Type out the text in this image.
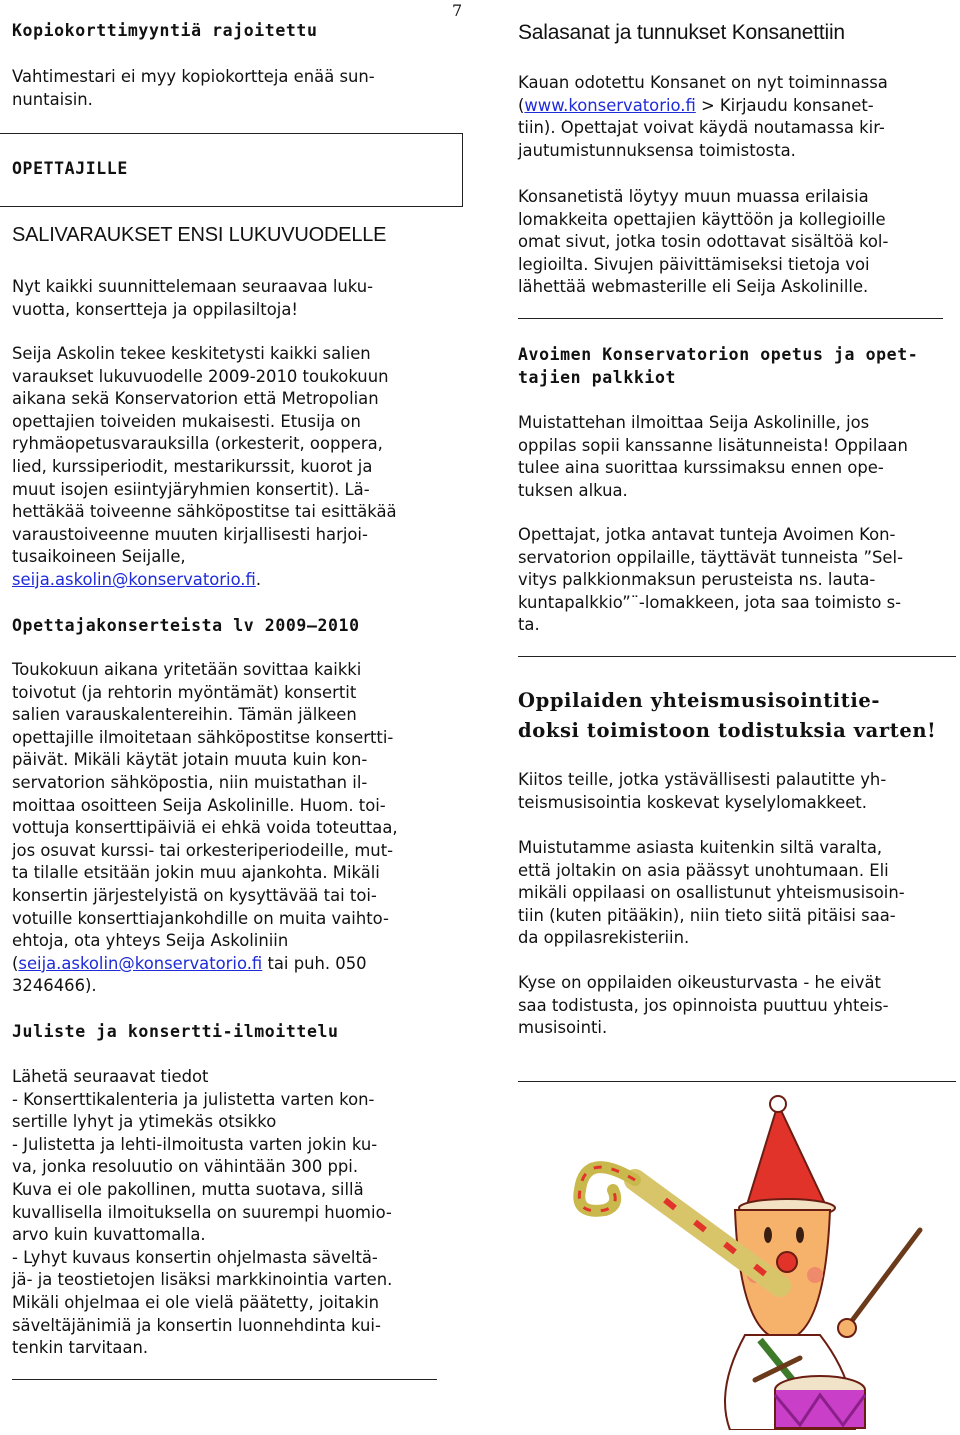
7
Kopiokorttimyyntiä rajoitettu

Vahtimestari ei myy kopiokortteja enää sun-

nuntaisin.

OPETTAJILLE
SALIVARAUKSET ENSI LUKUVUODELLE

Nyt kaikki suunnittelemaan seuraavaa luku-

vuotta, konsertteja ja oppilasiltoja!

Seija Askolin tekee keskitetysti kaikki salien

varaukset lukuvuodelle 2009-2010 toukokuun

aikana sekä Konservatorion että Metropolian

opettajien toiveiden mukaisesti. Etusija on

ryhmäopetusvarauksilla (orkesterit, ooppera,

lied, kurssiperiodit, mestarikurssit, kuorot ja

muut isojen esiintyjäryhmien konsertit). Lä-

hettäkää toiveenne sähköpostitse tai esittäkää

varaustoiveenne muuten kirjallisesti harjoi-

tusaikoineen Seijalle,

seija.askolin@konservatorio.fi.

Opettajakonserteista lv 2009—2010

Toukokuun aikana yritetään sovittaa kaikki

toivotut (ja rehtorin myöntämät) konsertit

salien varauskalentereihin. Tämän jälkeen

opettajille ilmoitetaan sähköpostitse konsertti-

päivät. Mikäli käytät jotain muuta kuin kon-

servatorion sähköpostia, niin muistathan il-

moittaa osoitteen Seija Askolinille. Huom. toi-

vottuja konserttipäiviä ei ehkä voida toteuttaa,

jos osuvat kurssi- tai orkesteriperiodeille, mut-

ta tilalle etsitään jokin muu ajankohta. Mikäli

konsertin järjestelyistä on kysyttävää tai toi-

votuille konserttiajankohdille on muita vaihto-

ehtoja, ota yhteys Seija Askoliniin

(seija.askolin@konservatorio.fi tai puh. 050

3246466).

Juliste ja konsertti-ilmoittelu

Lähetä seuraavat tiedot

- Konserttikalenteria ja julistetta varten kon-

sertille lyhyt ja ytimekäs otsikko

- Julistetta ja lehti-ilmoitusta varten jokin ku-

va, jonka resoluutio on vähintään 300 ppi.

Kuva ei ole pakollinen, mutta suotava, sillä

kuvallisella ilmoituksella on suurempi huomio-

arvo kuin kuvattomalla.

- Lyhyt kuvaus konsertin ohjelmasta säveltä-

jä- ja teostietojen lisäksi markkinointia varten.

Mikäli ohjelmaa ei ole vielä päätetty, joitakin

säveltäjänimiä ja konsertin luonnehdinta kui-

tenkin tarvitaan.

Salasanat ja tunnukset Konsanettiin

Kauan odotettu Konsanet on nyt toiminnassa

(www.konservatorio.fi > Kirjaudu konsanet-

tiin). Opettajat voivat käydä noutamassa kir-

jautumistunnuksensa toimistosta.

Konsanetistä löytyy muun muassa erilaisia

lomakkeita opettajien käyttöön ja kollegioille

omat sivut, jotka tosin odottavat sisältöä kol-

legioilta. Sivujen päivittämiseksi tietoja voi

lähettää webmasterille eli Seija Askolinille.

Avoimen Konservatorion opetus ja opet-

tajien palkkiot

Muistattehan ilmoittaa Seija Askolinille, jos

oppilas sopii kanssanne lisätunneista! Oppilaan

tulee aina suorittaa kurssimaksu ennen ope-

tuksen alkua.

Opettajat, jotka antavat tunteja Avoimen Kon-

servatorion oppilaille, täyttävät tunneista ”Sel-

vitys palkkionmaksun perusteista ns. lauta-

kuntapalkkio”¨-lomakkeen, jota saa toimisto s-

ta.

Oppilaiden yhteismusisointitie-

doksi toimistoon todistuksia varten!

Kiitos teille, jotka ystävällisesti palautitte yh-

teismusisointia koskevat kyselylomakkeet.

Muistutamme asiasta kuitenkin siltä varalta,

että joltakin on asia päässyt unohtumaan. Eli

mikäli oppilaasi on osallistunut yhteismusisoin-

tiin (kuten pitääkin), niin tieto siitä pitäisi saa-

da oppilasrekisteriin.

Kyse on oppilaiden oikeusturvasta - he eivät

saa todistusta, jos opinnoista puuttuu yhteis-

musisointi.
